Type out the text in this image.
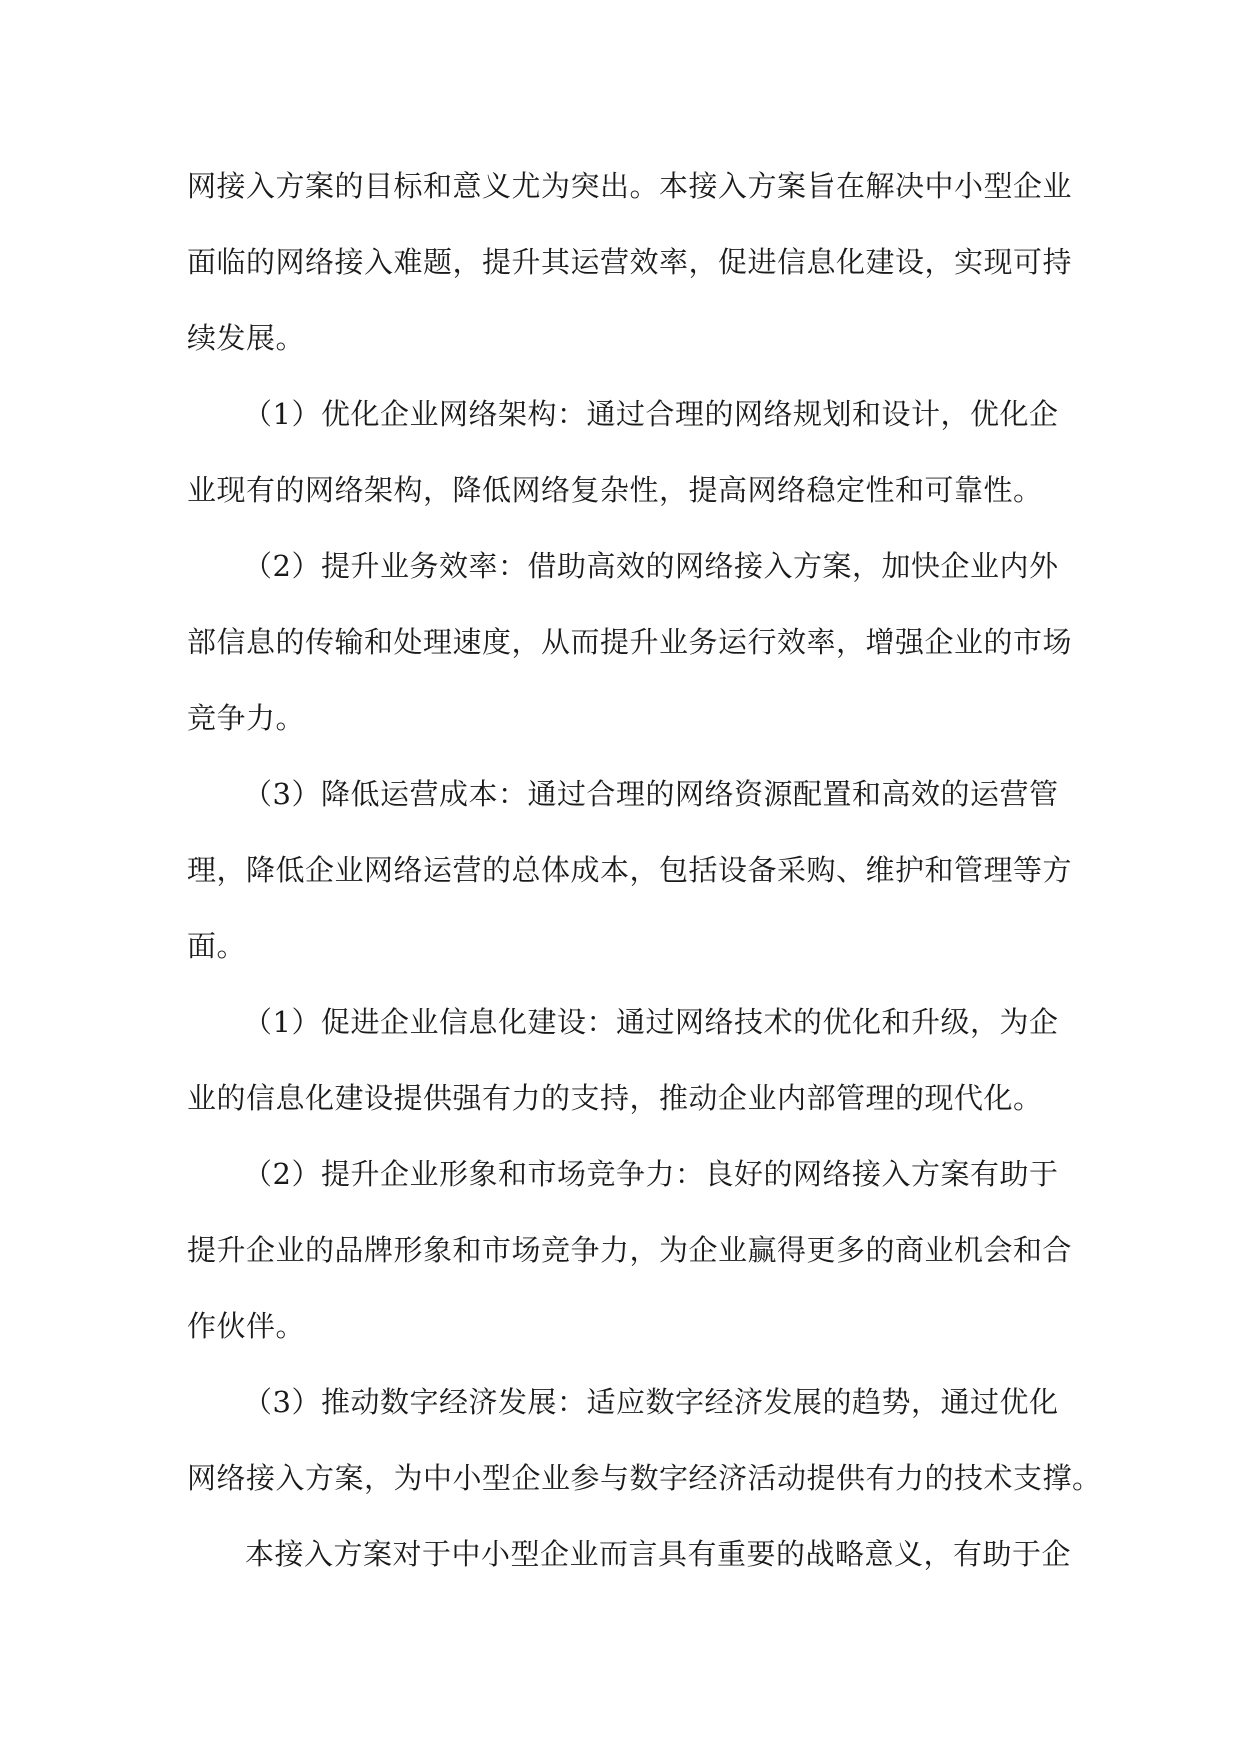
网接入方案的目标和意义尤为突出。本接入方案旨在解决中小型企业
面临的网络接入难题，提升其运营效率，促进信息化建设，实现可持
续发展。
（1）优化企业网络架构：通过合理的网络规划和设计，优化企
业现有的网络架构，降低网络复杂性，提高网络稳定性和可靠性。
（2）提升业务效率：借助高效的网络接入方案，加快企业内外
部信息的传输和处理速度，从而提升业务运行效率，增强企业的市场
竞争力。
（3）降低运营成本：通过合理的网络资源配置和高效的运营管
理，降低企业网络运营的总体成本，包括设备采购、维护和管理等方
面。
（1）促进企业信息化建设：通过网络技术的优化和升级，为企
业的信息化建设提供强有力的支持，推动企业内部管理的现代化。
（2）提升企业形象和市场竞争力：良好的网络接入方案有助于
提升企业的品牌形象和市场竞争力，为企业赢得更多的商业机会和合
作伙伴。
（3）推动数字经济发展：适应数字经济发展的趋势，通过优化
网络接入方案，为中小型企业参与数字经济活动提供有力的技术支撑。
本接入方案对于中小型企业而言具有重要的战略意义，有助于企
